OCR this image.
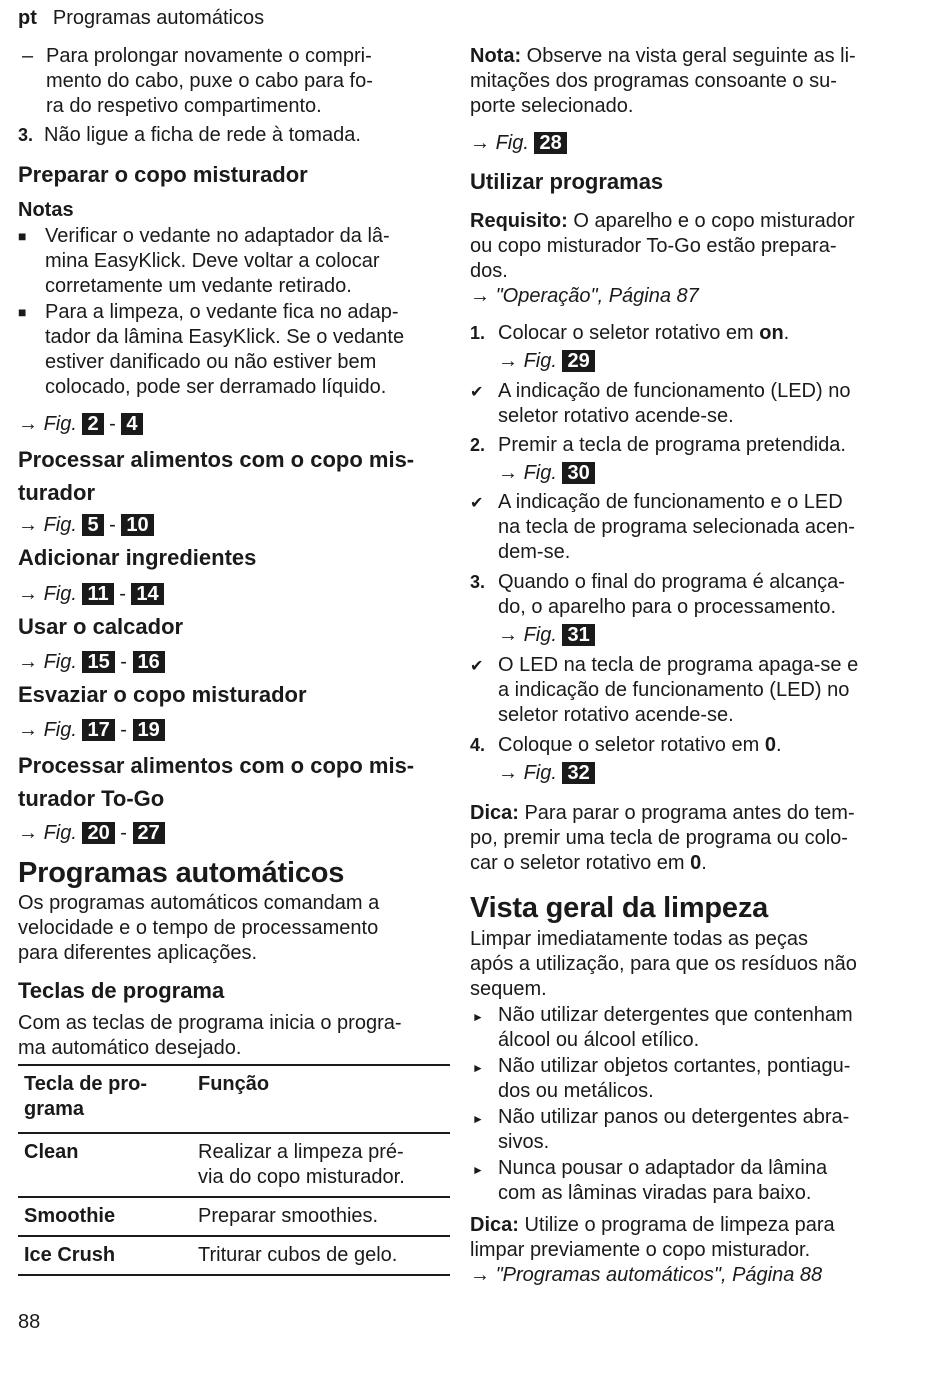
pt Programas automáticos
– Para prolongar novamente o compri-
mento do cabo, puxe o cabo para fo-
ra do respetivo compartimento.
3. Não ligue a ficha de rede à tomada.
Preparar o copo misturador
Notas
■ Verificar o vedante no adaptador da lâ-
mina EasyKlick. Deve voltar a colocar
corretamente um vedante retirado.
■ Para a limpeza, o vedante fica no adap-
tador da lâmina EasyKlick. Se o vedante
estiver danificado ou não estiver bem
colocado, pode ser derramado líquido.
→ Fig. 2 - 4
Processar alimentos com o copo mis-
turador
→ Fig. 5 - 10
Adicionar ingredientes
→ Fig. 11 - 14
Usar o calcador
→ Fig. 15 - 16
Esvaziar o copo misturador
→ Fig. 17 - 19
Processar alimentos com o copo mis-
turador To-Go
→ Fig. 20 - 27
Programas automáticos
Os programas automáticos comandam a
velocidade e o tempo de processamento
para diferentes aplicações.
Teclas de programa
Com as teclas de programa inicia o progra-
ma automático desejado.
Tecla de pro-
grama	Função

Clean	Realizar a limpeza pré-
via do copo misturador.

Smoothie	Preparar smoothies.

Ice Crush	Triturar cubos de gelo.
88
Nota: Observe na vista geral seguinte as li-
mitações dos programas consoante o su-
porte selecionado.
→ Fig. 28
Utilizar programas
Requisito: O aparelho e o copo misturador
ou copo misturador To-Go estão prepara-
dos.
→ "Operação", Página 87
1. Colocar o seletor rotativo em on.
→ Fig. 29
✔ A indicação de funcionamento (LED) no
seletor rotativo acende-se.
2. Premir a tecla de programa pretendida.
→ Fig. 30
✔ A indicação de funcionamento e o LED
na tecla de programa selecionada acen-
dem-se.
3. Quando o final do programa é alcança-
do, o aparelho para o processamento.
→ Fig. 31
✔ O LED na tecla de programa apaga-se e
a indicação de funcionamento (LED) no
seletor rotativo acende-se.
4. Coloque o seletor rotativo em 0.
→ Fig. 32
Dica: Para parar o programa antes do tem-
po, premir uma tecla de programa ou colo-
car o seletor rotativo em 0.
Vista geral da limpeza
Limpar imediatamente todas as peças
após a utilização, para que os resíduos não
sequem.
► Não utilizar detergentes que contenham
álcool ou álcool etílico.
► Não utilizar objetos cortantes, pontiagu-
dos ou metálicos.
► Não utilizar panos ou detergentes abra-
sivos.
► Nunca pousar o adaptador da lâmina
com as lâminas viradas para baixo.
Dica: Utilize o programa de limpeza para
limpar previamente o copo misturador.
→ "Programas automáticos", Página 88
